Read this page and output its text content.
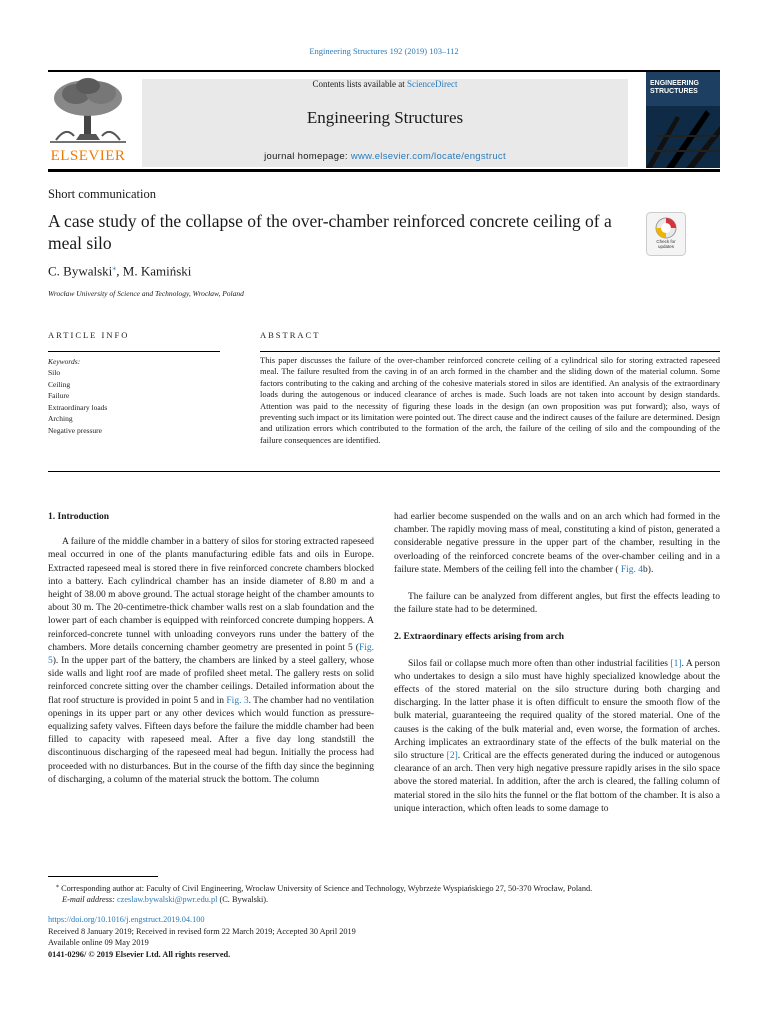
Engineering Structures 192 (2019) 103–112
ELSEVIER
Contents lists available at ScienceDirect
Engineering Structures
journal homepage: www.elsevier.com/locate/engstruct
ENGINEERING STRUCTURES
Short communication
A case study of the collapse of the over-chamber reinforced concrete ceiling of a meal silo	Check for updates
C. Bywalski⁎, M. Kamiński
Wrocław University of Science and Technology, Wrocław, Poland
ARTICLE INFO	ABSTRACT
Keywords:
Silo
Ceiling
Failure
Extraordinary loads
Arching
Negative pressure
This paper discusses the failure of the over-chamber reinforced concrete ceiling of a cylindrical silo for storing extracted rapeseed meal. The failure resulted from the caving in of an arch formed in the chamber and the sliding down of the material column. Some factors contributing to the caking and arching of the cohesive materials stored in silos are identified. An analysis of the extraordinary loads during the autogenous or induced clearance of arches is made. Such loads are not taken into account by design standards. Attention was paid to the necessity of figuring these loads in the design (an own proposition was put forward); also, ways of preventing such impact or its limitation were pointed out. The direct cause and the indirect causes of the failure are determined. Design and utilization errors which contributed to the formation of the arch, the failure of the ceiling of silo and the compounding of the failure consequences are identified.
1. Introduction

A failure of the middle chamber in a battery of silos for storing extracted rapeseed meal occurred in one of the plants manufacturing edible fats and oils in Europe. Extracted rapeseed meal is stored there in five reinforced concrete chambers blocked into a battery. Each cylindrical chamber has an inside diameter of 8.80 m and a height of 38.00 m above ground. The actual storage height of the chamber amounts to about 30 m. The 20-centimetre-thick chamber walls rest on a slab foundation and the lower part of each chamber is equipped with reinforced concrete dumping hoppers. A reinforced-concrete tunnel with unloading conveyors runs under the battery of the chambers. More details concerning chamber geometry are presented in point 5 (Fig. 5). In the upper part of the battery, the chambers are linked by a steel gallery, whose side walls and light roof are made of profiled sheet metal. The gallery rests on solid reinforced concrete sitting over the chamber ceilings. Detailed information about the flat roof structure is provided in point 5 and in Fig. 3. The chamber had no ventilation openings in its upper part or any other devices which would function as pressure-equalizing safety valves. Fifteen days before the failure the middle chamber had been filled to capacity with rapeseed meal. After a five day long standstill the discontinuous discharging of the rapeseed meal had begun. Initially the process had proceeded with no disturbances. But in the course of the fifth day since the beginning of discharging, a column of the material struck the bottom. The column

had earlier become suspended on the walls and on an arch which had formed in the chamber. The rapidly moving mass of meal, constituting a kind of piston, generated a considerable negative pressure in the upper part of the chamber, resulting in the overloading of the reinforced concrete beams of the over-chamber ceiling and in a failure state. Members of the ceiling fell into the chamber ( Fig. 4b).

The failure can be analyzed from different angles, but first the effects leading to the failure state had to be determined.

2. Extraordinary effects arising from arch

Silos fail or collapse much more often than other industrial facilities [1]. A person who undertakes to design a silo must have highly specialized knowledge about the effects of the stored material on the silo structure during both charging and discharging. In the latter phase it is often difficult to ensure the smooth flow of the bulk material, guaranteeing the required quality of the stored material. One of the causes is the caking of the bulk material and, even worse, the formation of arches. Arching implicates an extraordinary state of the effects of the bulk material on the silo structure [2]. Critical are the effects generated during the induced or autogenous clearance of an arch. Then very high negative pressure rapidly arises in the silo space above the stored material. In addition, after the arch is cleared, the falling column of material stored in the silo hits the funnel or the flat bottom of the chamber. It is also a unique interaction, which often leads to some damage to

⁎ Corresponding author at: Faculty of Civil Engineering, Wrocław University of Science and Technology, Wybrzeże Wyspiańskiego 27, 50-370 Wrocław, Poland.
E-mail address: czeslaw.bywalski@pwr.edu.pl (C. Bywalski).
https://doi.org/10.1016/j.engstruct.2019.04.100
Received 8 January 2019; Received in revised form 22 March 2019; Accepted 30 April 2019
Available online 09 May 2019
0141-0296/ © 2019 Elsevier Ltd. All rights reserved.
